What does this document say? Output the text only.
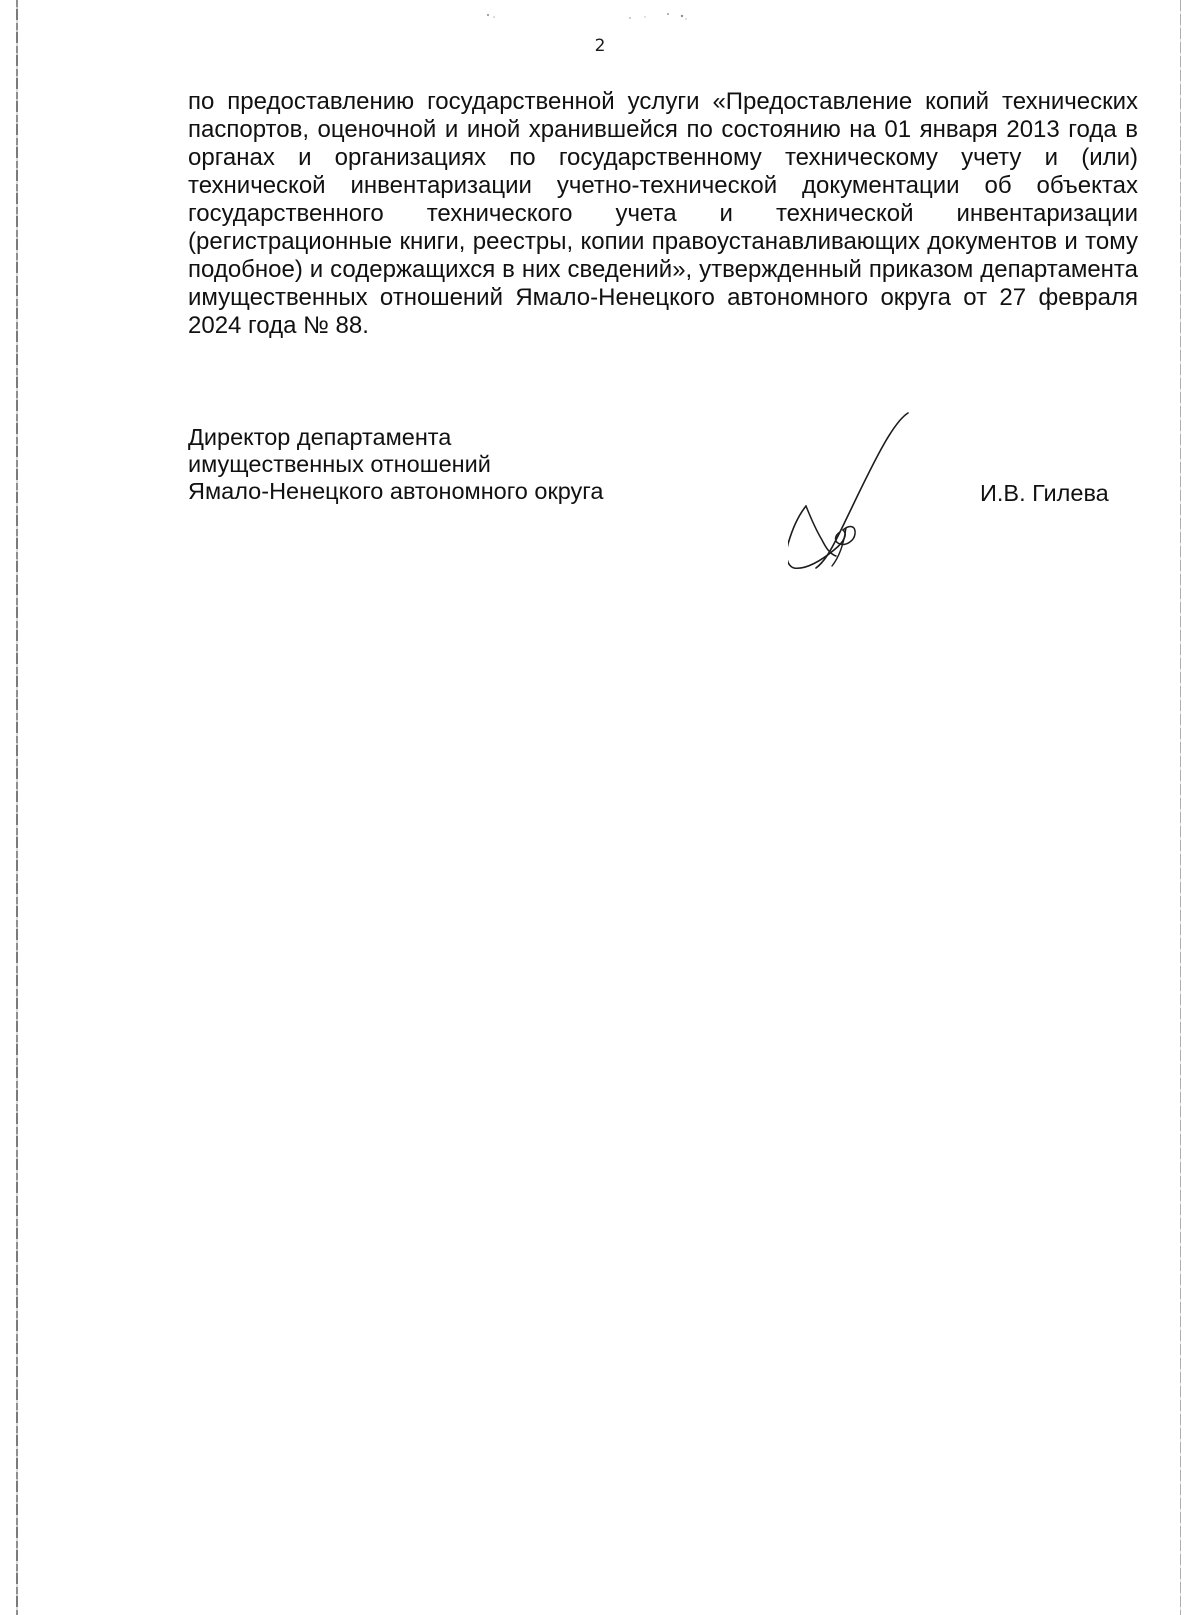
2

по предоставлению государственной услуги «Предоставление копий технических паспортов, оценочной и иной хранившейся по состоянию на 01 января 2013 года в органах и организациях по государственному техническому учету и (или) технической инвентаризации учетно-технической документации об объектах государственного технического учета и технической инвентаризации (регистрационные книги, реестры, копии правоустанавливающих документов и тому подобное) и содержащихся в них сведений», утвержденный приказом департамента имущественных отношений Ямало-Ненецкого автономного округа от 27 февраля 2024 года № 88.

Директор департамента
имущественных отношений
Ямало-Ненецкого автономного округа	И.В. Гилева
